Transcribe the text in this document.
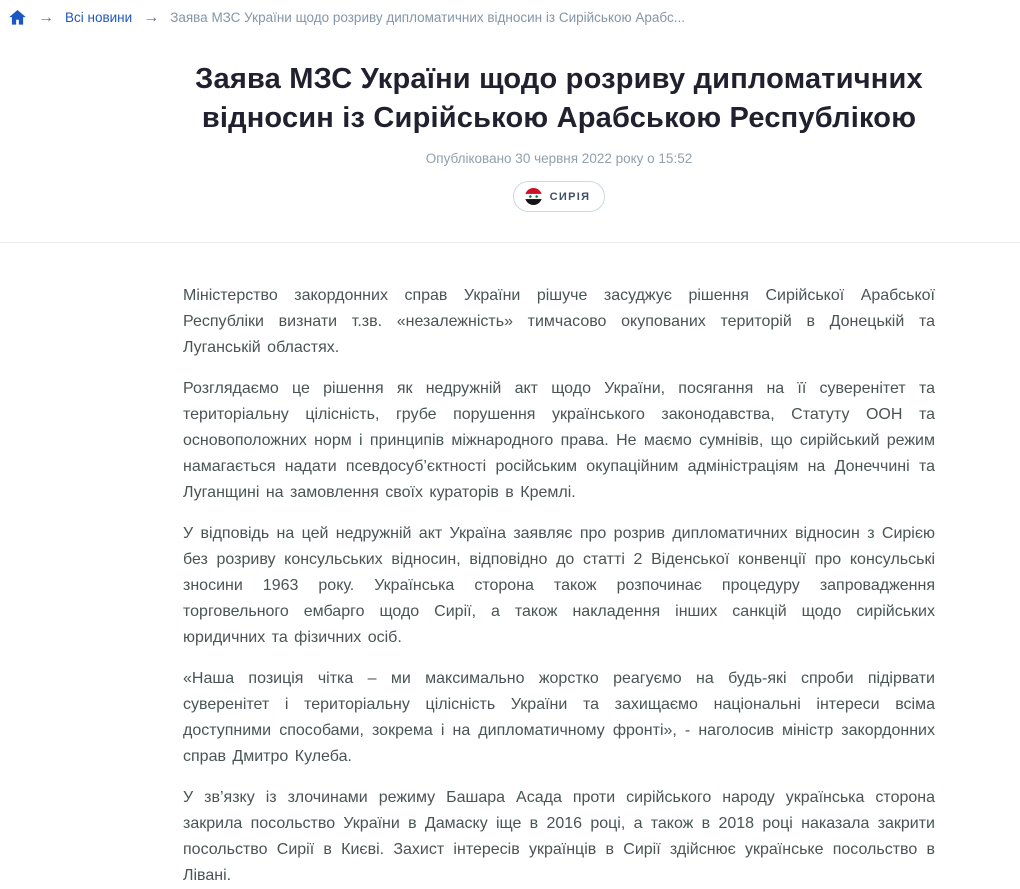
→ Всі новини → Заява МЗС України щодо розриву дипломатичних відносин із Сирійською Арабс...
Заява МЗС України щодо розриву дипломатичних відносин із Сирійською Арабською Республікою
Опубліковано 30 червня 2022 року о 15:52
СИРІЯ

Міністерство закордонних справ України рішуче засуджує рішення Сирійської Арабської Республіки визнати т.зв. «незалежність» тимчасово окупованих територій в Донецькій та Луганській областях.

Розглядаємо це рішення як недружній акт щодо України, посягання на її суверенітет та територіальну цілісність, грубе порушення українського законодавства, Статуту ООН та основоположних норм і принципів міжнародного права. Не маємо сумнівів, що сирійський режим намагається надати псевдосуб’єктності російським окупаційним адміністраціям на Донеччині та Луганщині на замовлення своїх кураторів в Кремлі.

У відповідь на цей недружній акт Україна заявляє про розрив дипломатичних відносин з Сирією без розриву консульських відносин, відповідно до статті 2 Віденської конвенції про консульські зносини 1963 року. Українська сторона також розпочинає процедуру запровадження торговельного ембарго щодо Сирії, а також накладення інших санкцій щодо сирійських юридичних та фізичних осіб.

«Наша позиція чітка – ми максимально жорстко реагуємо на будь-які спроби підірвати суверенітет і територіальну цілісність України та захищаємо національні інтереси всіма доступними способами, зокрема і на дипломатичному фронті», - наголосив міністр закордонних справ Дмитро Кулеба.

У зв’язку із злочинами режиму Башара Асада проти сирійського народу українська сторона закрила посольство України в Дамаску іще в 2016 році, а також в 2018 році наказала закрити посольство Сирії в Києві. Захист інтересів українців в Сирії здійснює українське посольство в Лівані.
